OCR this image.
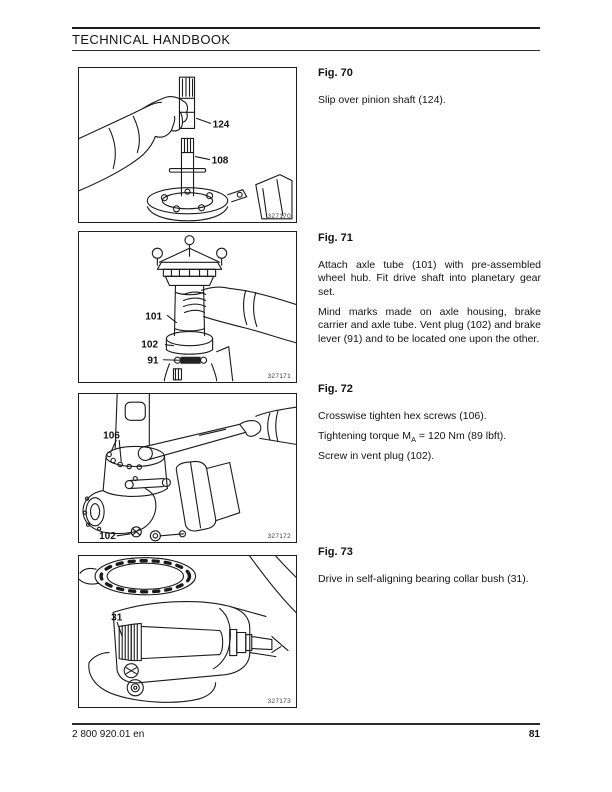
TECHNICAL HANDBOOK
124
108
327170
101
102
91
327171
106
102	327172
31
327173
Fig. 70

Slip over pinion shaft (124).

Fig. 71

Attach axle tube (101) with pre-assembled wheel hub. Fit drive shaft into planetary gear set.

Mind marks made on axle housing, brake carrier and axle tube. Vent plug (102) and brake lever (91) and to be located one upon the other.

Fig. 72

Crosswise tighten hex screws (106).

Tightening torque $M_A = 120$ Nm (89 lbft).

Screw in vent plug (102).

Fig. 73

Drive in self-aligning bearing collar bush (31).

2 800 920.01 en	81
